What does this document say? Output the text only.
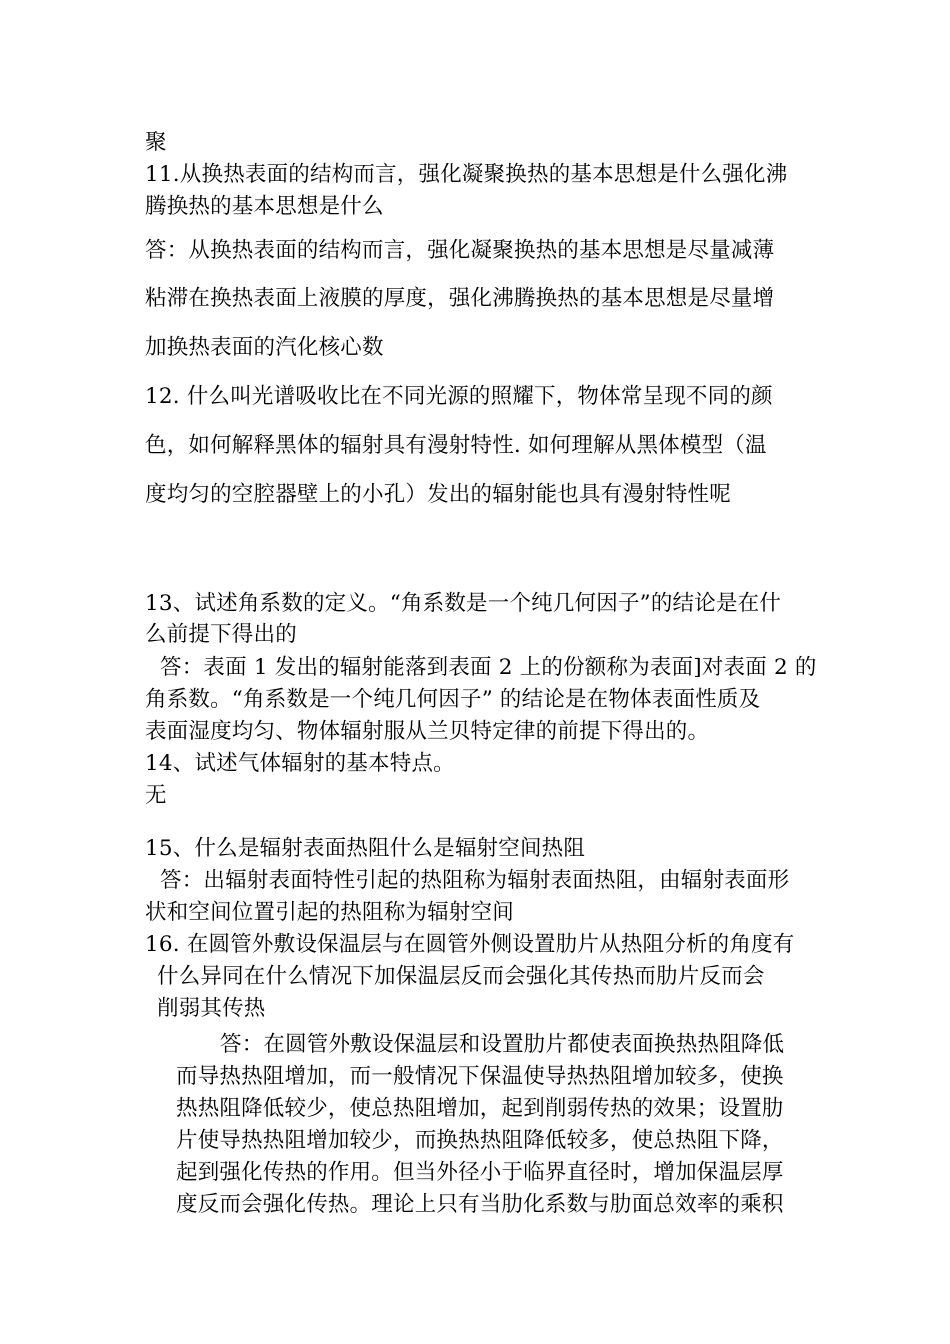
聚
11.从换热表面的结构而言，强化凝聚换热的基本思想是什么强化沸
腾换热的基本思想是什么
答：从换热表面的结构而言，强化凝聚换热的基本思想是尽量减薄
粘滞在换热表面上液膜的厚度，强化沸腾换热的基本思想是尽量增
加换热表面的汽化核心数
12. 什么叫光谱吸收比在不同光源的照耀下，物体常呈现不同的颜
色，如何解释黑体的辐射具有漫射特性. 如何理解从黑体模型（温
度均匀的空腔器壁上的小孔）发出的辐射能也具有漫射特性呢
13、试述角系数的定义。“角系数是一个纯几何因子”的结论是在什
么前提下得出的
答：表面 1 发出的辐射能落到表面 2 上的份额称为表面]对表面 2 的
角系数。“角系数是一个纯几何因子” 的结论是在物体表面性质及
表面湿度均匀、物体辐射服从兰贝特定律的前提下得出的。
14、试述气体辐射的基本特点。
无
15、什么是辐射表面热阻什么是辐射空间热阻
答：出辐射表面特性引起的热阻称为辐射表面热阻，由辐射表面形
状和空间位置引起的热阻称为辐射空间
16. 在圆管外敷设保温层与在圆管外侧设置肋片从热阻分析的角度有
什么异同在什么情况下加保温层反而会强化其传热而肋片反而会
削弱其传热
答：在圆管外敷设保温层和设置肋片都使表面换热热阻降低
而导热热阻增加，而一般情况下保温使导热热阻增加较多，使换
热热阻降低较少，使总热阻增加，起到削弱传热的效果；设置肋
片使导热热阻增加较少，而换热热阻降低较多，使总热阻下降，
起到强化传热的作用。但当外径小于临界直径时，增加保温层厚
度反而会强化传热。理论上只有当肋化系数与肋面总效率的乘积
